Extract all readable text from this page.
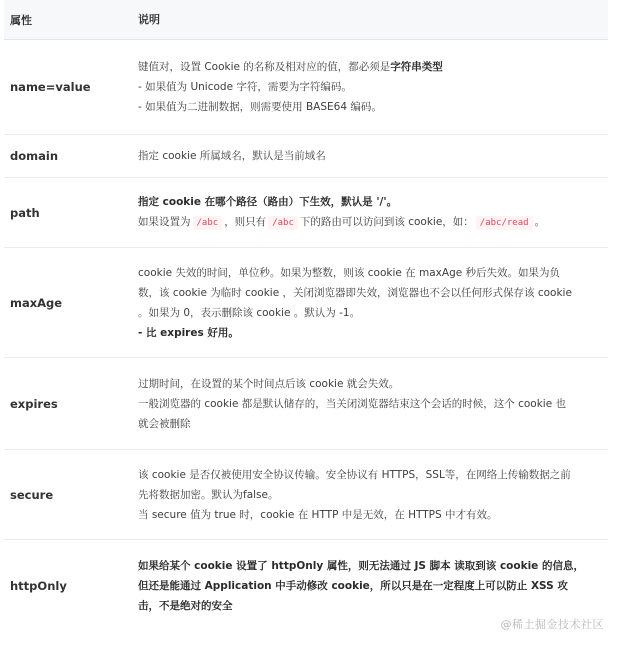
属性	说明
name=value
键值对，设置 Cookie 的名称及相对应的值，都必须是字符串类型
- 如果值为 Unicode 字符，需要为字符编码。
- 如果值为二进制数据，则需要使用 BASE64 编码。
domain	指定 cookie 所属域名，默认是当前域名
path
指定 cookie 在哪个路径（路由）下生效，默认是 '/'。
如果设置为 /abc ，则只有 /abc 下的路由可以访问到该 cookie，如： /abc/read 。
maxAge
cookie 失效的时间，单位秒。如果为整数，则该 cookie 在 maxAge 秒后失效。如果为负
数，该 cookie 为临时 cookie ，关闭浏览器即失效，浏览器也不会以任何形式保存该 cookie
。如果为 0，表示删除该 cookie 。默认为 -1。
- 比 expires 好用。
expires
过期时间，在设置的某个时间点后该 cookie 就会失效。
一般浏览器的 cookie 都是默认储存的，当关闭浏览器结束这个会话的时候，这个 cookie 也
就会被删除
secure
该 cookie 是否仅被使用安全协议传输。安全协议有 HTTPS，SSL等，在网络上传输数据之前
先将数据加密。默认为false。
当 secure 值为 true 时，cookie 在 HTTP 中是无效，在 HTTPS 中才有效。
httpOnly
如果给某个 cookie 设置了 httpOnly 属性，则无法通过 JS 脚本 读取到该 cookie 的信息，
但还是能通过 Application 中手动修改 cookie，所以只是在一定程度上可以防止 XSS 攻
击，不是绝对的安全
@稀土掘金技术社区
